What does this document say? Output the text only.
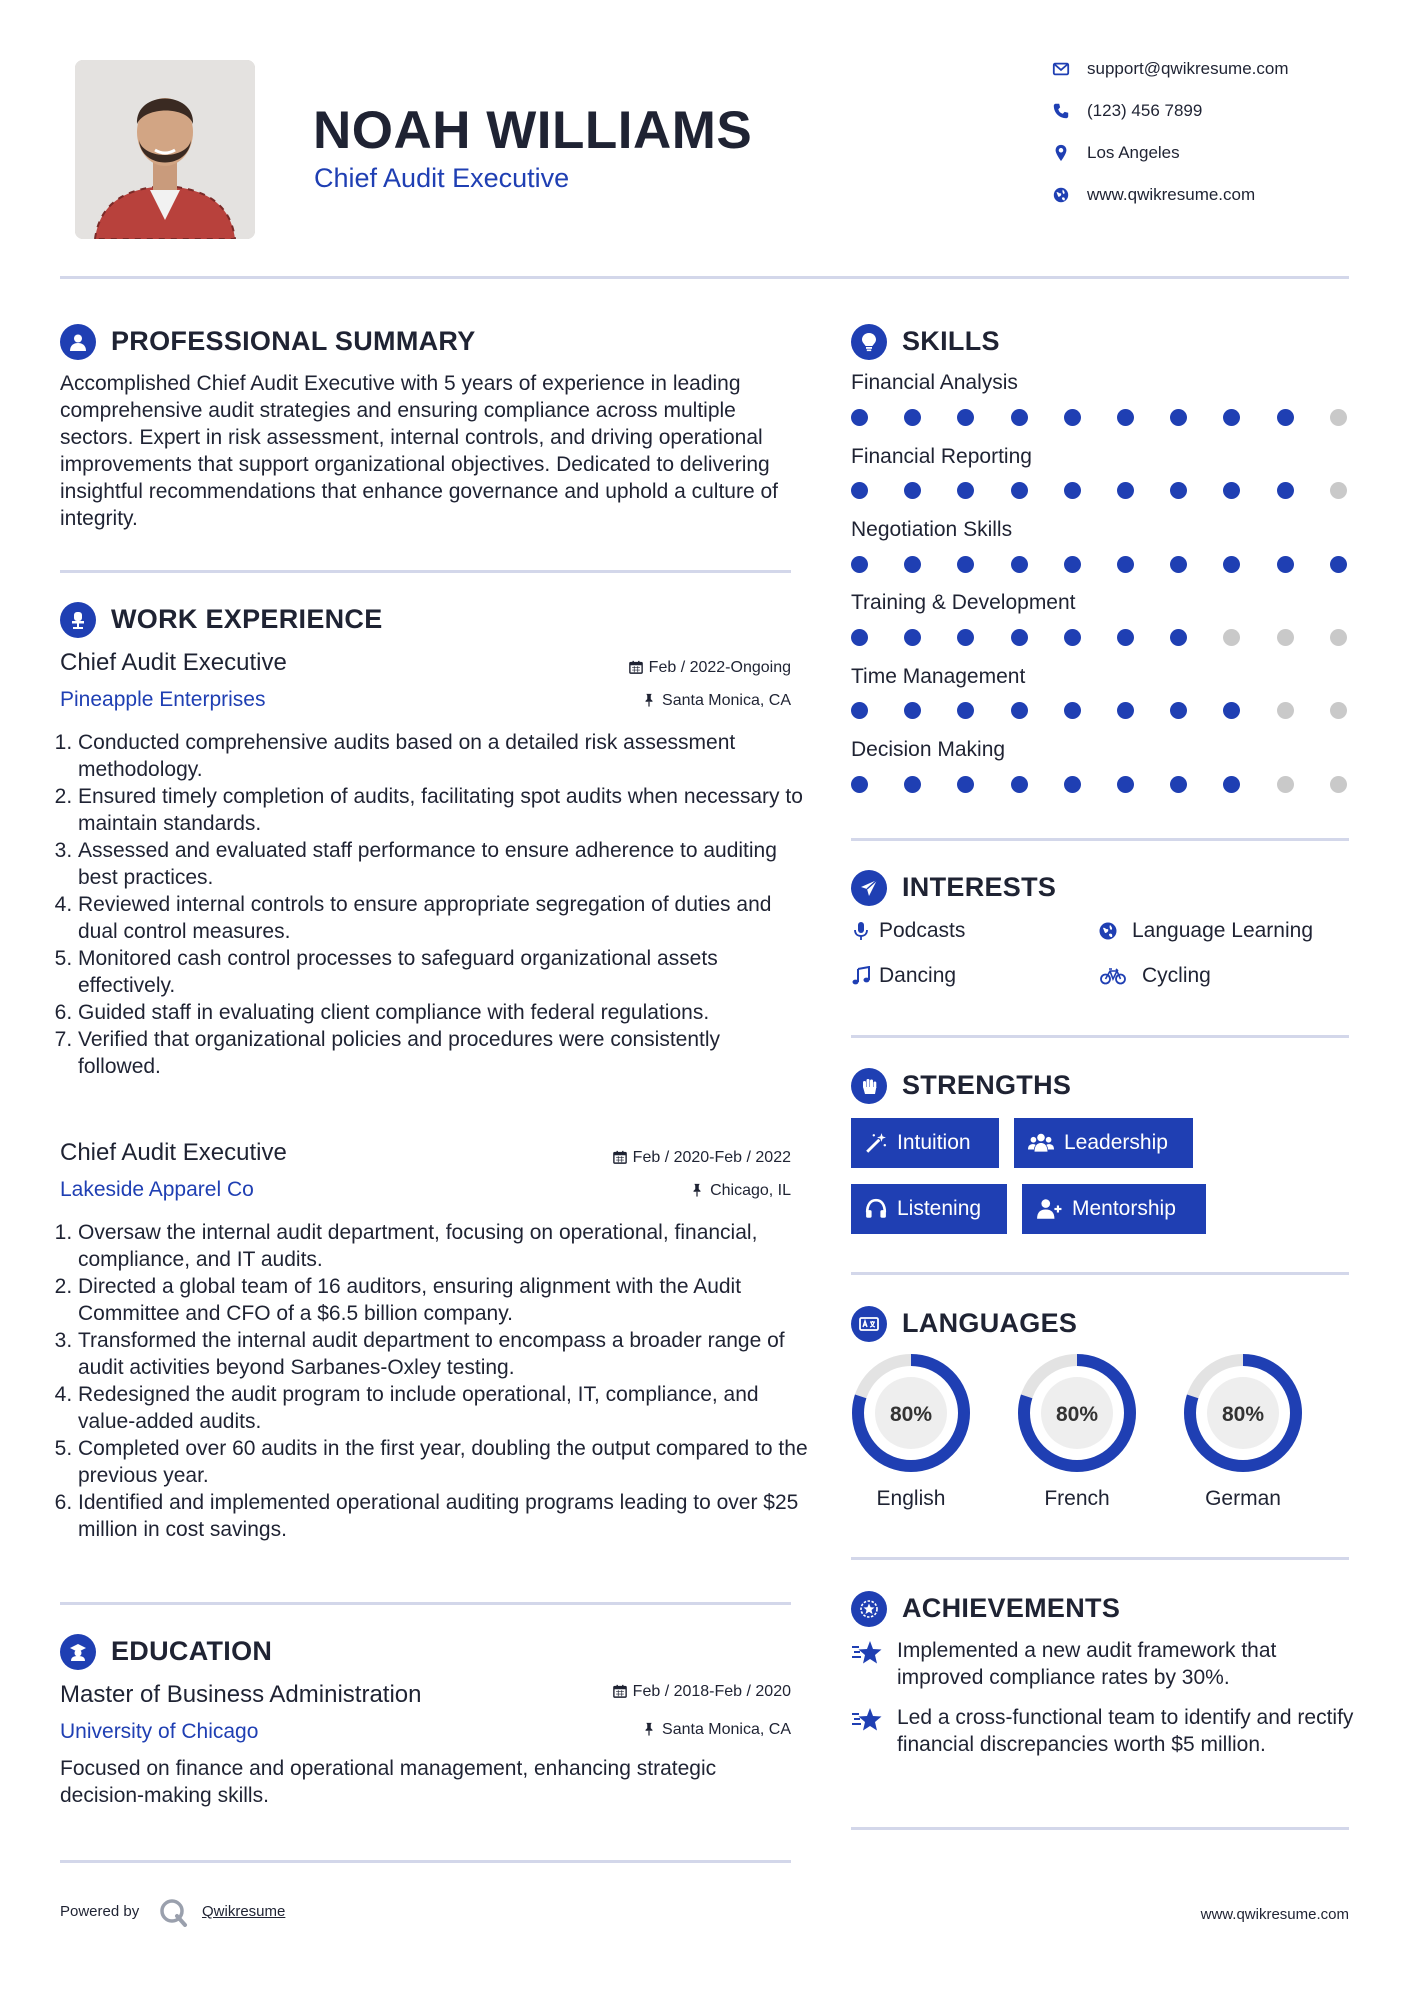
NOAH WILLIAMS
Chief Audit Executive
support@qwikresume.com
(123) 456 7899
Los Angeles
www.qwikresume.com
PROFESSIONAL SUMMARY
Accomplished Chief Audit Executive with 5 years of experience in leading comprehensive audit strategies and ensuring compliance across multiple sectors. Expert in risk assessment, internal controls, and driving operational improvements that support organizational objectives. Dedicated to delivering insightful recommendations that enhance governance and uphold a culture of integrity.
WORK EXPERIENCE
Chief Audit Executive	Feb / 2022-Ongoing
Pineapple Enterprises	Santa Monica, CA
1. Conducted comprehensive audits based on a detailed risk assessment methodology.
2. Ensured timely completion of audits, facilitating spot audits when necessary to maintain standards.
3. Assessed and evaluated staff performance to ensure adherence to auditing best practices.
4. Reviewed internal controls to ensure appropriate segregation of duties and dual control measures.
5. Monitored cash control processes to safeguard organizational assets effectively.
6. Guided staff in evaluating client compliance with federal regulations.
7. Verified that organizational policies and procedures were consistently followed.
Chief Audit Executive	Feb / 2020-Feb / 2022
Lakeside Apparel Co	Chicago, IL
1. Oversaw the internal audit department, focusing on operational, financial, compliance, and IT audits.
2. Directed a global team of 16 auditors, ensuring alignment with the Audit Committee and CFO of a $6.5 billion company.
3. Transformed the internal audit department to encompass a broader range of audit activities beyond Sarbanes-Oxley testing.
4. Redesigned the audit program to include operational, IT, compliance, and value-added audits.
5. Completed over 60 audits in the first year, doubling the output compared to the previous year.
6. Identified and implemented operational auditing programs leading to over $25 million in cost savings.
EDUCATION
Master of Business Administration	Feb / 2018-Feb / 2020
University of Chicago	Santa Monica, CA
Focused on finance and operational management, enhancing strategic decision-making skills.
SKILLS
Financial Analysis
Financial Reporting
Negotiation Skills
Training & Development
Time Management
Decision Making
INTERESTS
Podcasts	Language Learning
Dancing	Cycling
STRENGTHS
Intuition	Leadership
Listening	Mentorship
LANGUAGES
80%
English
80%
French
80%
German
ACHIEVEMENTS
Implemented a new audit framework that improved compliance rates by 30%.
Led a cross-functional team to identify and rectify financial discrepancies worth $5 million.
Powered by	Qwikresume	www.qwikresume.com
